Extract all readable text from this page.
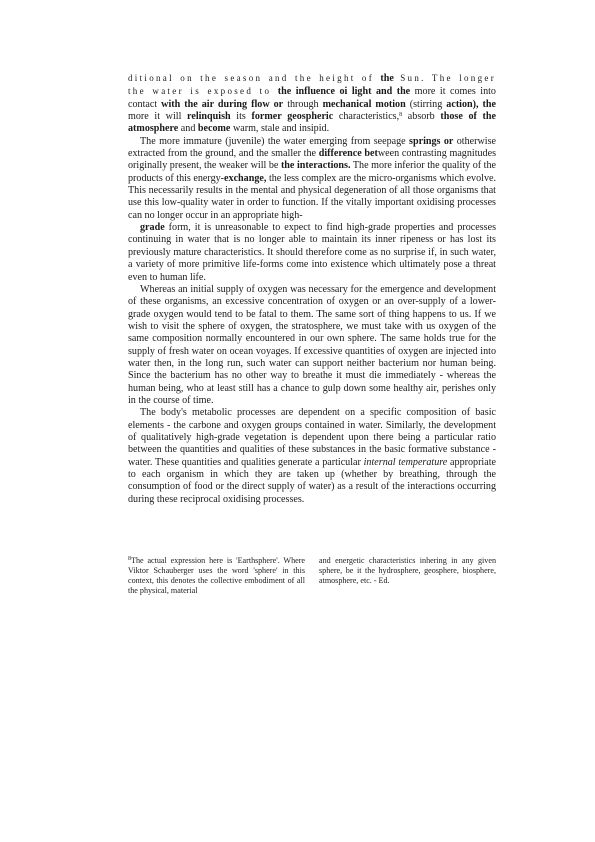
ditional on the season and the height of the Sun. The longer the water is exposed to the influence oi light and the more it comes into contact with the air during flow or through mechanical motion (stirring action), the more it will relinquish its former geospheric characteristics,$^8$ absorb those of the atmosphere and become warm, stale and insipid.

The more immature (juvenile) the water emerging from seepage springs or otherwise extracted from the ground, and the smaller the difference between contrasting magnitudes originally present, the weaker will be the interactions. The more inferior the quality of the products of this energy-exchange, the less complex are the micro-organisms which evolve. This necessarily results in the mental and physical degeneration of all those organisms that use this low-quality water in order to function. If the vitally important oxidising processes can no longer occur in an appropriate high-

grade form, it is unreasonable to expect to find high-grade properties and processes continuing in water that is no longer able to maintain its inner ripeness or has lost its previously mature characteristics. It should therefore come as no surprise if, in such water, a variety of more primitive life-forms come into existence which ultimately pose a threat even to human life.

Whereas an initial supply of oxygen was necessary for the emergence and development of these organisms, an excessive concentration of oxygen or an over-supply of a lower-grade oxygen would tend to be fatal to them. The same sort of thing happens to us. If we wish to visit the sphere of oxygen, the stratosphere, we must take with us oxygen of the same composition normally encountered in our own sphere. The same holds true for the supply of fresh water on ocean voyages. If excessive quantities of oxygen are injected into water then, in the long run, such water can support neither bacterium nor human being. Since the bacterium has no other way to breathe it must die immediately - whereas the human being, who at least still has a chance to gulp down some healthy air, perishes only in the course of time.

The body's metabolic processes are dependent on a specific composition of basic elements - the carbone and oxygen groups contained in water. Similarly, the development of qualitatively high-grade vegetation is dependent upon there being a particular ratio between the quantities and qualities of these substances in the basic formative substance - water. These quantities and qualities generate a particular internal temperature appropriate to each organism in which they are taken up (whether by breathing, through the consumption of food or the direct supply of water) as a result of the interactions occurring during these reciprocal oxidising processes.

$^8$The actual expression here is 'Earthsphere'. Where Viktor Schauberger uses the word 'sphere' in this context, this denotes the collective embodiment of all the physical, material

and energetic characteristics inhering in any given sphere, be it the hydrosphere, geosphere, biosphere, atmosphere, etc. - Ed.
